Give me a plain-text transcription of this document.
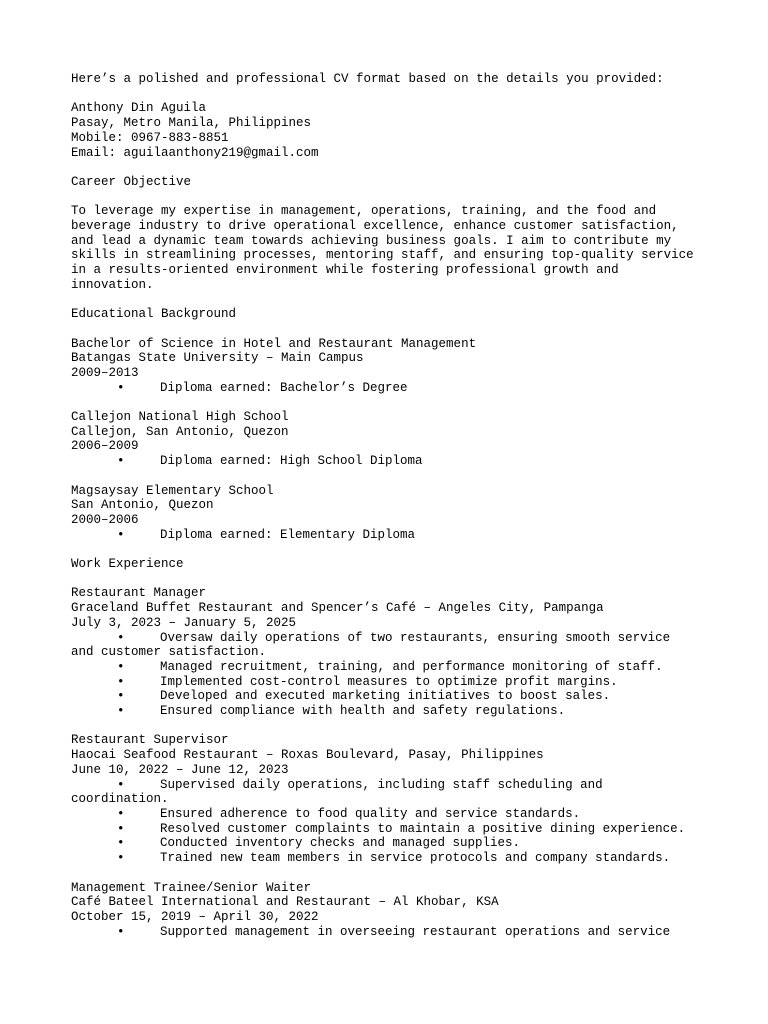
Here’s a polished and professional CV format based on the details you provided:
Anthony Din Aguila
Pasay, Metro Manila, Philippines
Mobile: 0967-883-8851
Email: aguilaanthony219@gmail.com
Career Objective
To leverage my expertise in management, operations, training, and the food and
beverage industry to drive operational excellence, enhance customer satisfaction,
and lead a dynamic team towards achieving business goals. I aim to contribute my
skills in streamlining processes, mentoring staff, and ensuring top-quality service
in a results-oriented environment while fostering professional growth and
innovation.
Educational Background
Bachelor of Science in Hotel and Restaurant Management
Batangas State University – Main Campus
2009–2013
•	Diploma earned: Bachelor’s Degree
Callejon National High School
Callejon, San Antonio, Quezon
2006–2009
•	Diploma earned: High School Diploma
Magsaysay Elementary School
San Antonio, Quezon
2000–2006
•	Diploma earned: Elementary Diploma
Work Experience
Restaurant Manager
Graceland Buffet Restaurant and Spencer’s Café – Angeles City, Pampanga
July 3, 2023 – January 5, 2025
•	Oversaw daily operations of two restaurants, ensuring smooth service
and customer satisfaction.
•	Managed recruitment, training, and performance monitoring of staff.
•	Implemented cost-control measures to optimize profit margins.
•	Developed and executed marketing initiatives to boost sales.
•	Ensured compliance with health and safety regulations.
Restaurant Supervisor
Haocai Seafood Restaurant – Roxas Boulevard, Pasay, Philippines
June 10, 2022 – June 12, 2023
•	Supervised daily operations, including staff scheduling and
coordination.
•	Ensured adherence to food quality and service standards.
•	Resolved customer complaints to maintain a positive dining experience.
•	Conducted inventory checks and managed supplies.
•	Trained new team members in service protocols and company standards.
Management Trainee/Senior Waiter
Café Bateel International and Restaurant – Al Khobar, KSA
October 15, 2019 – April 30, 2022
•	Supported management in overseeing restaurant operations and service
